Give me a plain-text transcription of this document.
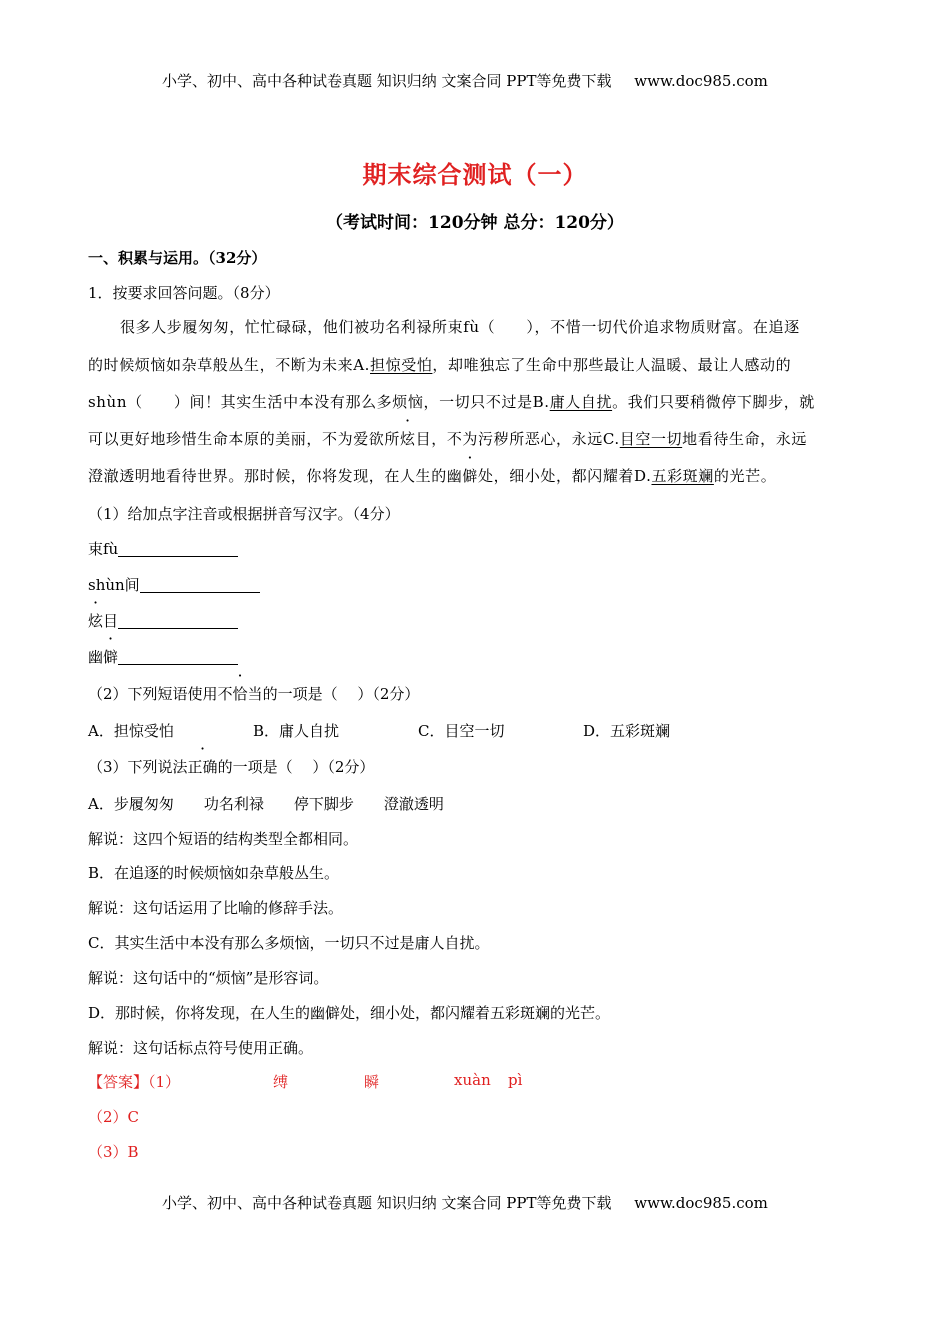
小学、初中、高中各种试卷真题 知识归纳 文案合同 PPT等免费下载 www.doc985.com
期末综合测试（一）
（考试时间：120分钟 总分：120分）
一、积累与运用。（32分）
1．按要求回答问题。（8分）
很多人步履匆匆，忙忙碌碌，他们被功名利禄所束fù（　　），不惜一切代价追求物质财富。在追逐
的时候烦恼如杂草般丛生，不断为未来A.担惊受怕，却唯独忘了生命中那些最让人温暖、最让人感动的
shùn（　　）间！其实生活中本没有那么多烦恼，一切只不过是B.庸人自扰。我们只要稍微停下脚步，就
可以更好地珍惜生命本原的美丽，不为爱欲所炫目，不为污秽所恶心，永远C.目空一切地看待生命，永远
澄澈透明地看待世界。那时候，你将发现，在人生的幽僻处，细小处，都闪耀着D.五彩斑斓的光芒。
（1）给加点字注音或根据拼音写汉字。（4分）
束fù
shùn间
炫目
幽僻
（2）下列短语使用不恰当的一项是（　 ）（2分）
A．担惊受怕	B．庸人自扰	C．目空一切	D．五彩斑斓
（3）下列说法正确的一项是（　 ）（2分）
A．步履匆匆　　功名利禄　　停下脚步　　澄澈透明
解说：这四个短语的结构类型全都相同。
B．在追逐的时候烦恼如杂草般丛生。
解说：这句话运用了比喻的修辞手法。
C．其实生活中本没有那么多烦恼，一切只不过是庸人自扰。
解说：这句话中的“烦恼”是形容词。
D．那时候，你将发现，在人生的幽僻处，细小处，都闪耀着五彩斑斓的光芒。
解说：这句话标点符号使用正确。
【答案】（1）	缚	瞬	xuàn pì
（2）C
（3）B
小学、初中、高中各种试卷真题 知识归纳 文案合同 PPT等免费下载 www.doc985.com
